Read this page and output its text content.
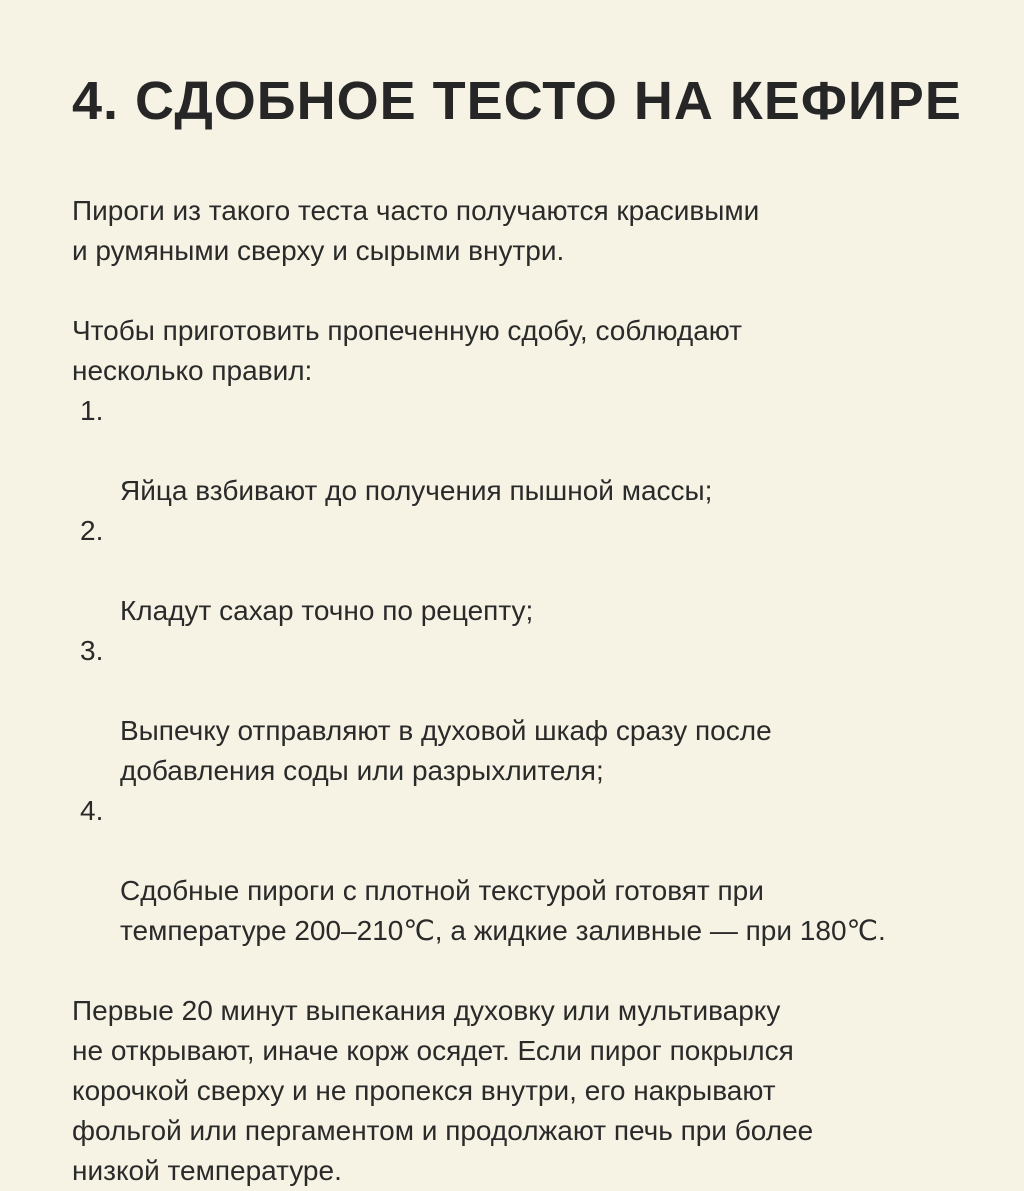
4. СДОБНОЕ ТЕСТО НА КЕФИРЕ

Пироги из такого теста часто получаются красивыми
и румяными сверху и сырыми внутри.

Чтобы приготовить пропеченную сдобу, соблюдают
несколько правил:

1.

Яйца взбивают до получения пышной массы;

2.

Кладут сахар точно по рецепту;

3.

Выпечку отправляют в духовой шкаф сразу после
добавления соды или разрыхлителя;

4.

Сдобные пироги с плотной текстурой готовят при
температуре 200–210℃, а жидкие заливные — при 180℃.

Первые 20 минут выпекания духовку или мультиварку
не открывают, иначе корж осядет. Если пирог покрылся
корочкой сверху и не пропекся внутри, его накрывают
фольгой или пергаментом и продолжают печь при более
низкой температуре.
